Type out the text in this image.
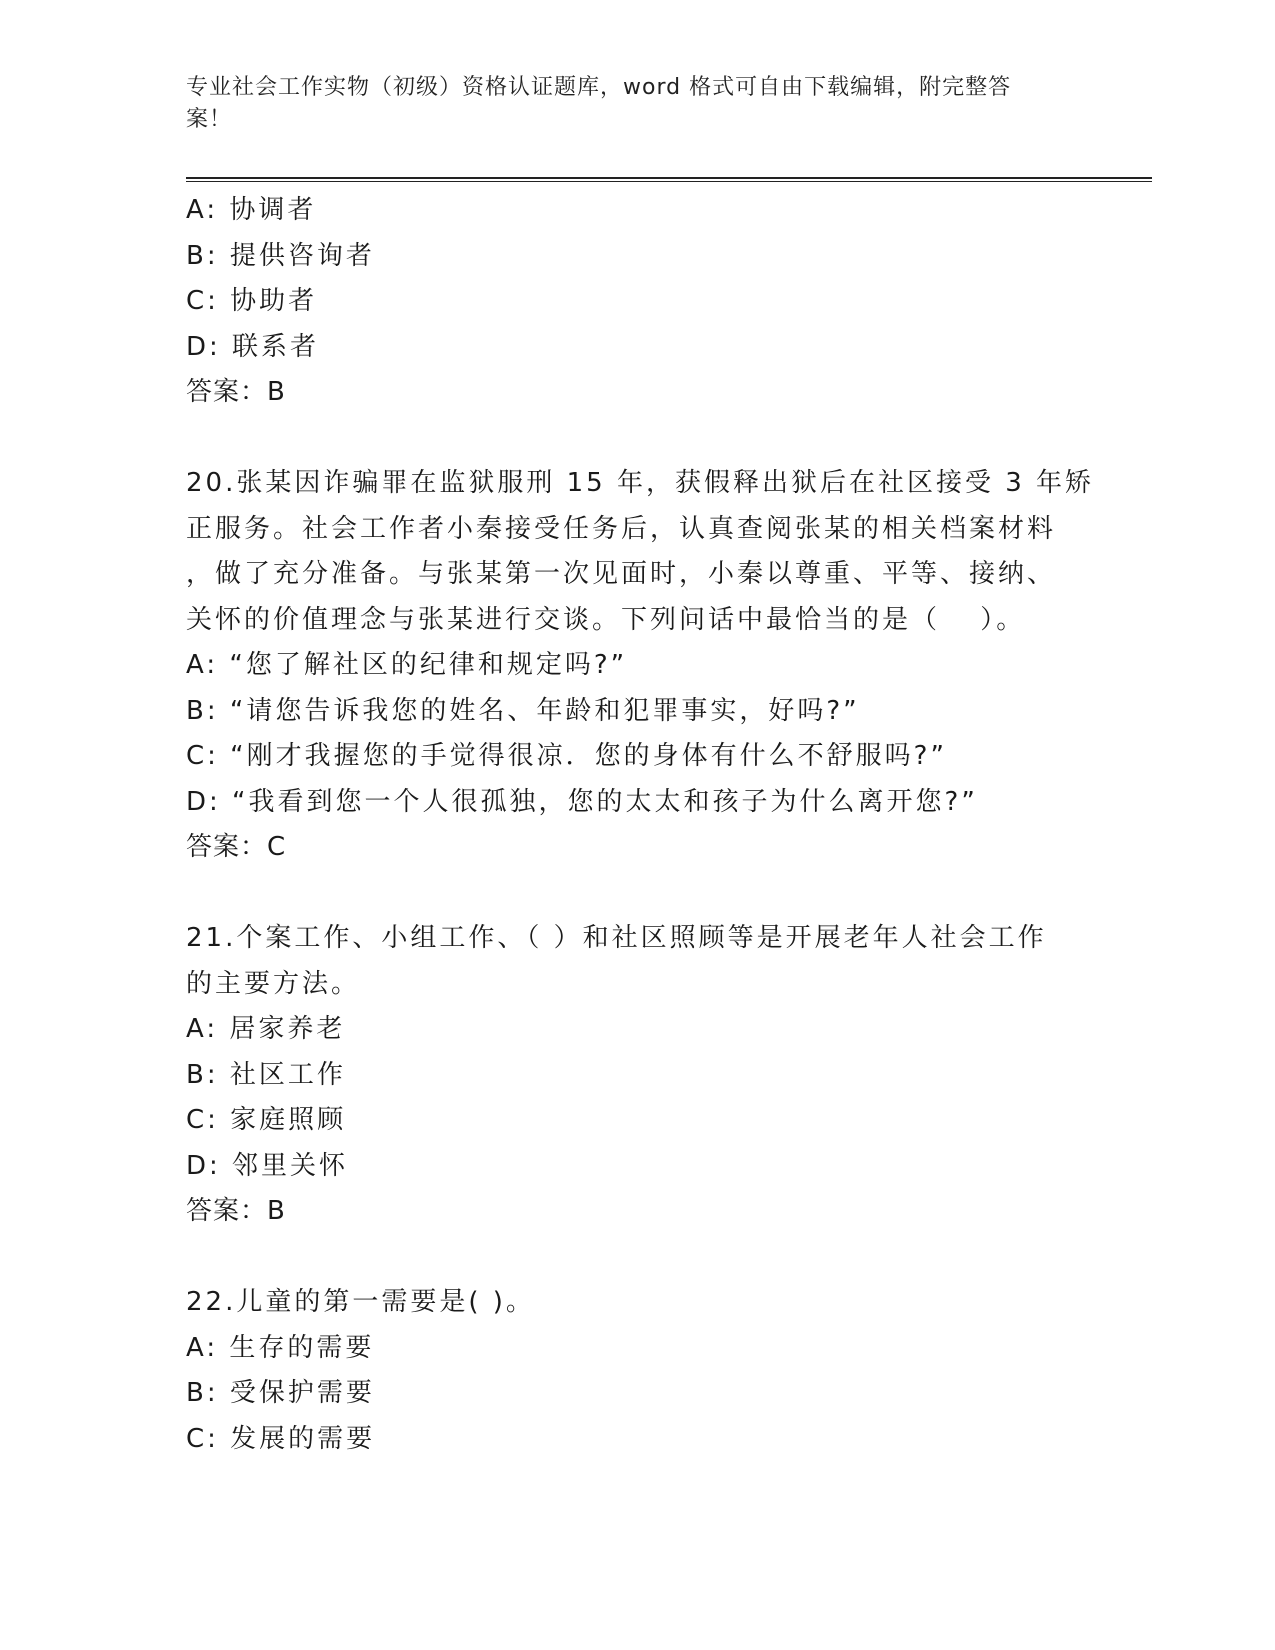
专业社会工作实物（初级）资格认证题库，word 格式可自由下载编辑，附完整答
案！
A: 协调者
B: 提供咨询者
C: 协助者
D: 联系者
答案：B
20.张某因诈骗罪在监狱服刑 15 年，获假释出狱后在社区接受 3 年矫
正服务。社会工作者小秦接受任务后，认真查阅张某的相关档案材料
，做了充分准备。与张某第一次见面时，小秦以尊重、平等、接纳、
关怀的价值理念与张某进行交谈。下列问话中最恰当的是（　 ）。
A: “您了解社区的纪律和规定吗?”
B: “请您告诉我您的姓名、年龄和犯罪事实，好吗?”
C: “刚才我握您的手觉得很凉．您的身体有什么不舒服吗?”
D: “我看到您一个人很孤独，您的太太和孩子为什么离开您?”
答案：C
21.个案工作、小组工作、（ ）和社区照顾等是开展老年人社会工作
的主要方法。
A: 居家养老
B: 社区工作
C: 家庭照顾
D: 邻里关怀
答案：B
22.儿童的第一需要是( )。
A: 生存的需要
B: 受保护需要
C: 发展的需要
